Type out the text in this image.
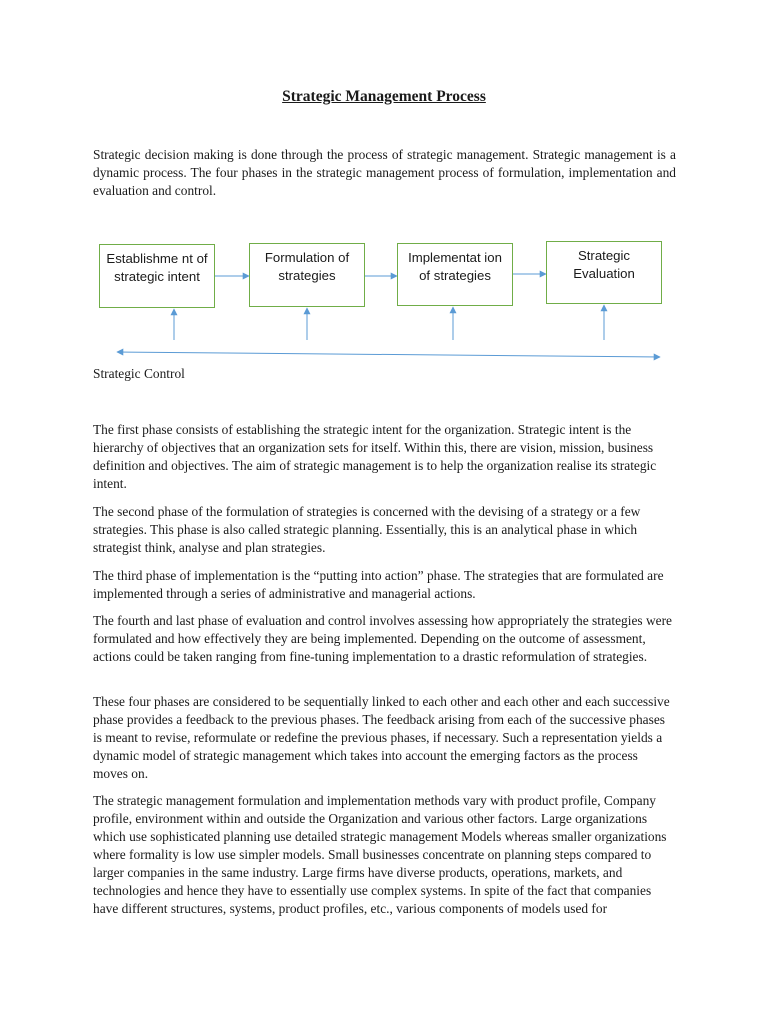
Strategic Management Process

Strategic decision making is done through the process of strategic management. Strategic management is a dynamic process. The four phases in the strategic management process of formulation, implementation and evaluation and control.

Establishme nt of strategic intent
Formulation of strategies
Implementat ion of strategies
Strategic Evaluation
Strategic Control

The first phase consists of establishing the strategic intent for the organization. Strategic intent is the hierarchy of objectives that an organization sets for itself. Within this, there are vision, mission, business definition and objectives. The aim of strategic management is to help the organization realise its strategic intent.

The second phase of the formulation of strategies is concerned with the devising of a strategy or a few strategies. This phase is also called strategic planning. Essentially, this is an analytical phase in which strategist think, analyse and plan strategies.

The third phase of implementation is the “putting into action” phase. The strategies that are formulated are implemented through a series of administrative and managerial actions.

The fourth and last phase of evaluation and control involves assessing how appropriately the strategies were formulated and how effectively they are being implemented. Depending on the outcome of assessment, actions could be taken ranging from fine-tuning implementation to a drastic reformulation of strategies.

These four phases are considered to be sequentially linked to each other and each other and each successive phase provides a feedback to the previous phases. The feedback arising from each of the successive phases is meant to revise, reformulate or redefine the previous phases, if necessary. Such a representation yields a dynamic model of strategic management which takes into account the emerging factors as the process moves on.

The strategic management formulation and implementation methods vary with product profile, Company profile, environment within and outside the Organization and various other factors. Large organizations which use sophisticated planning use detailed strategic management Models whereas smaller organizations where formality is low use simpler models. Small businesses concentrate on planning steps compared to larger companies in the same industry. Large firms have diverse products, operations, markets, and technologies and hence they have to essentially use complex systems. In spite of the fact that companies have different structures, systems, product profiles, etc., various components of models used for
